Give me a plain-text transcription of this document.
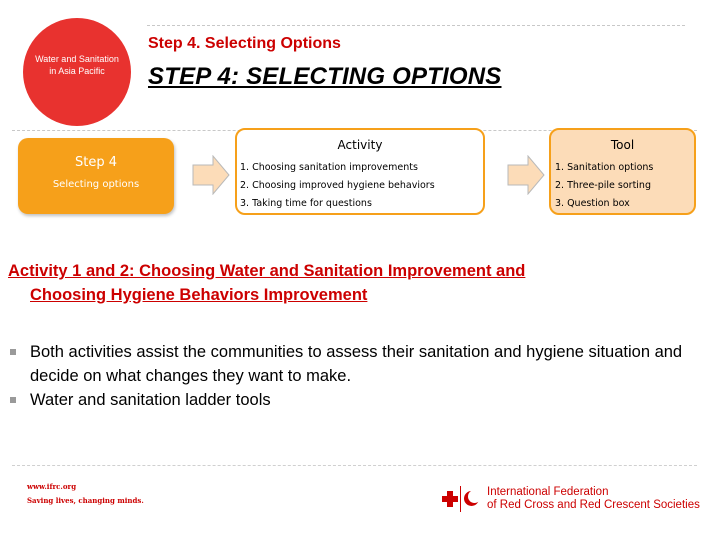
Water and Sanitation in Asia Pacific
Step 4. Selecting Options
STEP 4: SELECTING OPTIONS
Step 4
Selecting options
Activity
1. Choosing sanitation improvements
2. Choosing improved hygiene behaviors
3. Taking time for questions
Tool
1. Sanitation options
2. Three-pile sorting
3. Question box
Activity 1 and 2: Choosing Water and Sanitation Improvement and
Choosing Hygiene Behaviors Improvement
Both activities assist the communities to assess their sanitation and hygiene situation and decide on what changes they want to make.
Water and sanitation ladder tools
www.ifrc.org
Saving lives, changing minds.
International Federation
of Red Cross and Red Crescent Societies
